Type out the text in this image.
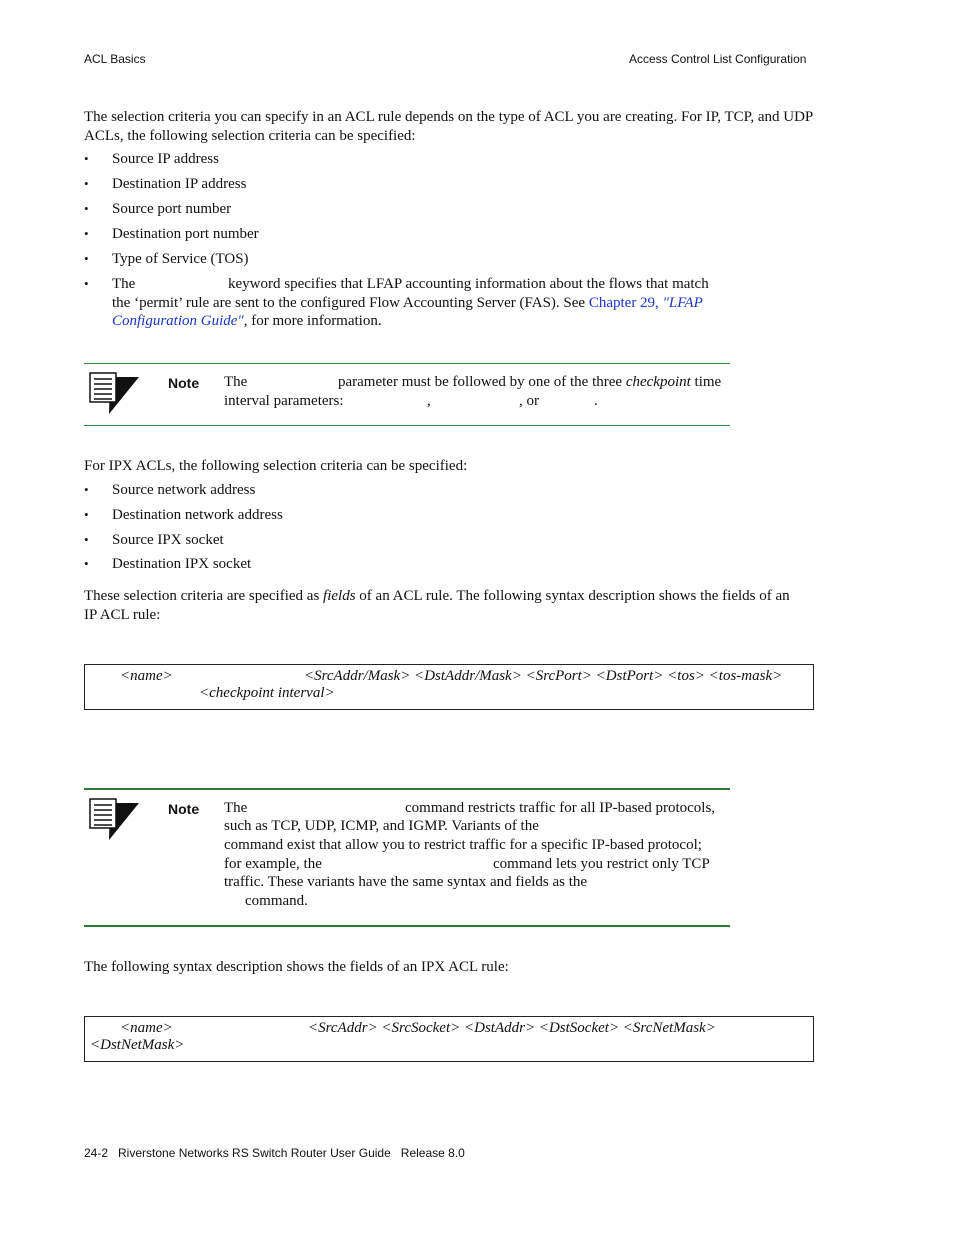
ACL Basics	Access Control List Configuration
The selection criteria you can specify in an ACL rule depends on the type of ACL you are creating. For IP, TCP, and UDP ACLs, the following selection criteria can be specified:
•	Source IP address
•	Destination IP address
•	Source port number
•	Destination port number
•	Type of Service (TOS)
•	The	keyword specifies that LFAP accounting information about the flows that match
the ‘permit’ rule are sent to the configured Flow Accounting Server (FAS). See Chapter 29, "LFAP
Configuration Guide", for more information.
Note The	parameter must be followed by one of the three checkpoint time
interval parameters:	,	, or	.
For IPX ACLs, the following selection criteria can be specified:
•	Source network address
•	Destination network address
•	Source IPX socket
•	Destination IPX socket
These selection criteria are specified as fields of an ACL rule. The following syntax description shows the fields of an
IP ACL rule:
<name>	<SrcAddr/Mask> <DstAddr/Mask> <SrcPort> <DstPort> <tos> <tos-mask>
<checkpoint interval>
Note The	command restricts traffic for all IP-based protocols,
such as TCP, UDP, ICMP, and IGMP. Variants of the
command exist that allow you to restrict traffic for a specific IP-based protocol;
for example, the	command lets you restrict only TCP
traffic. These variants have the same syntax and fields as the
command.
The following syntax description shows the fields of an IPX ACL rule:
<name>	<SrcAddr> <SrcSocket> <DstAddr> <DstSocket> <SrcNetMask>
<DstNetMask>
24-2   Riverstone Networks RS Switch Router User Guide   Release 8.0
